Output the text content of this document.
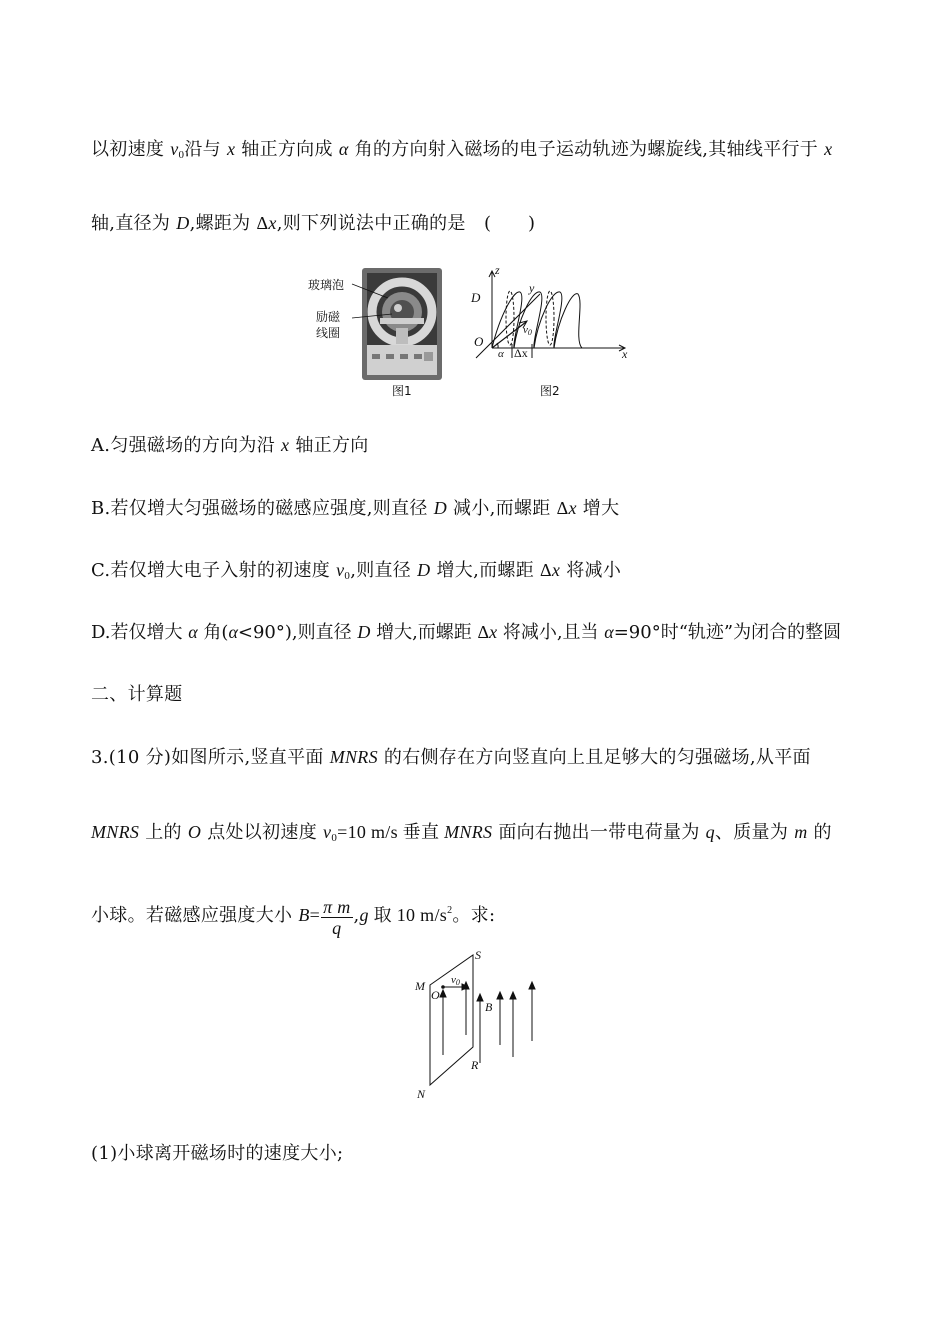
以初速度 $v_0$沿与 x 轴正方向成 α 角的方向射入磁场的电子运动轨迹为螺旋线,其轴线平行于 x
轴,直径为 D,螺距为 Δx,则下列说法中正确的是　(　　)
玻璃泡
励磁
线圈
图1
z
y
x
D
O
v0
α Δx
图2
A.匀强磁场的方向为沿 x 轴正方向
B.若仅增大匀强磁场的磁感应强度,则直径 D 减小,而螺距 Δx 增大
C.若仅增大电子入射的初速度 $v_0$,则直径 D 增大,而螺距 Δx 将减小
D.若仅增大 α 角(α<90°),则直径 D 增大,而螺距 Δx 将减小,且当 α=90°时“轨迹”为闭合的整圆
二、计算题
3.(10 分)如图所示,竖直平面 MNRS 的右侧存在方向竖直向上且足够大的匀强磁场,从平面
MNRS 上的 O 点处以初速度 $v_0=10$ m/s 垂直 MNRS 面向右抛出一带电荷量为 q、质量为 m 的
小球。若磁感应强度大小 $B= \frac{\text{π m}}{q} ,g$ 取 10 $m/s^2$。求:
S
M
O
v0
B
R
N
(1)小球离开磁场时的速度大小;
